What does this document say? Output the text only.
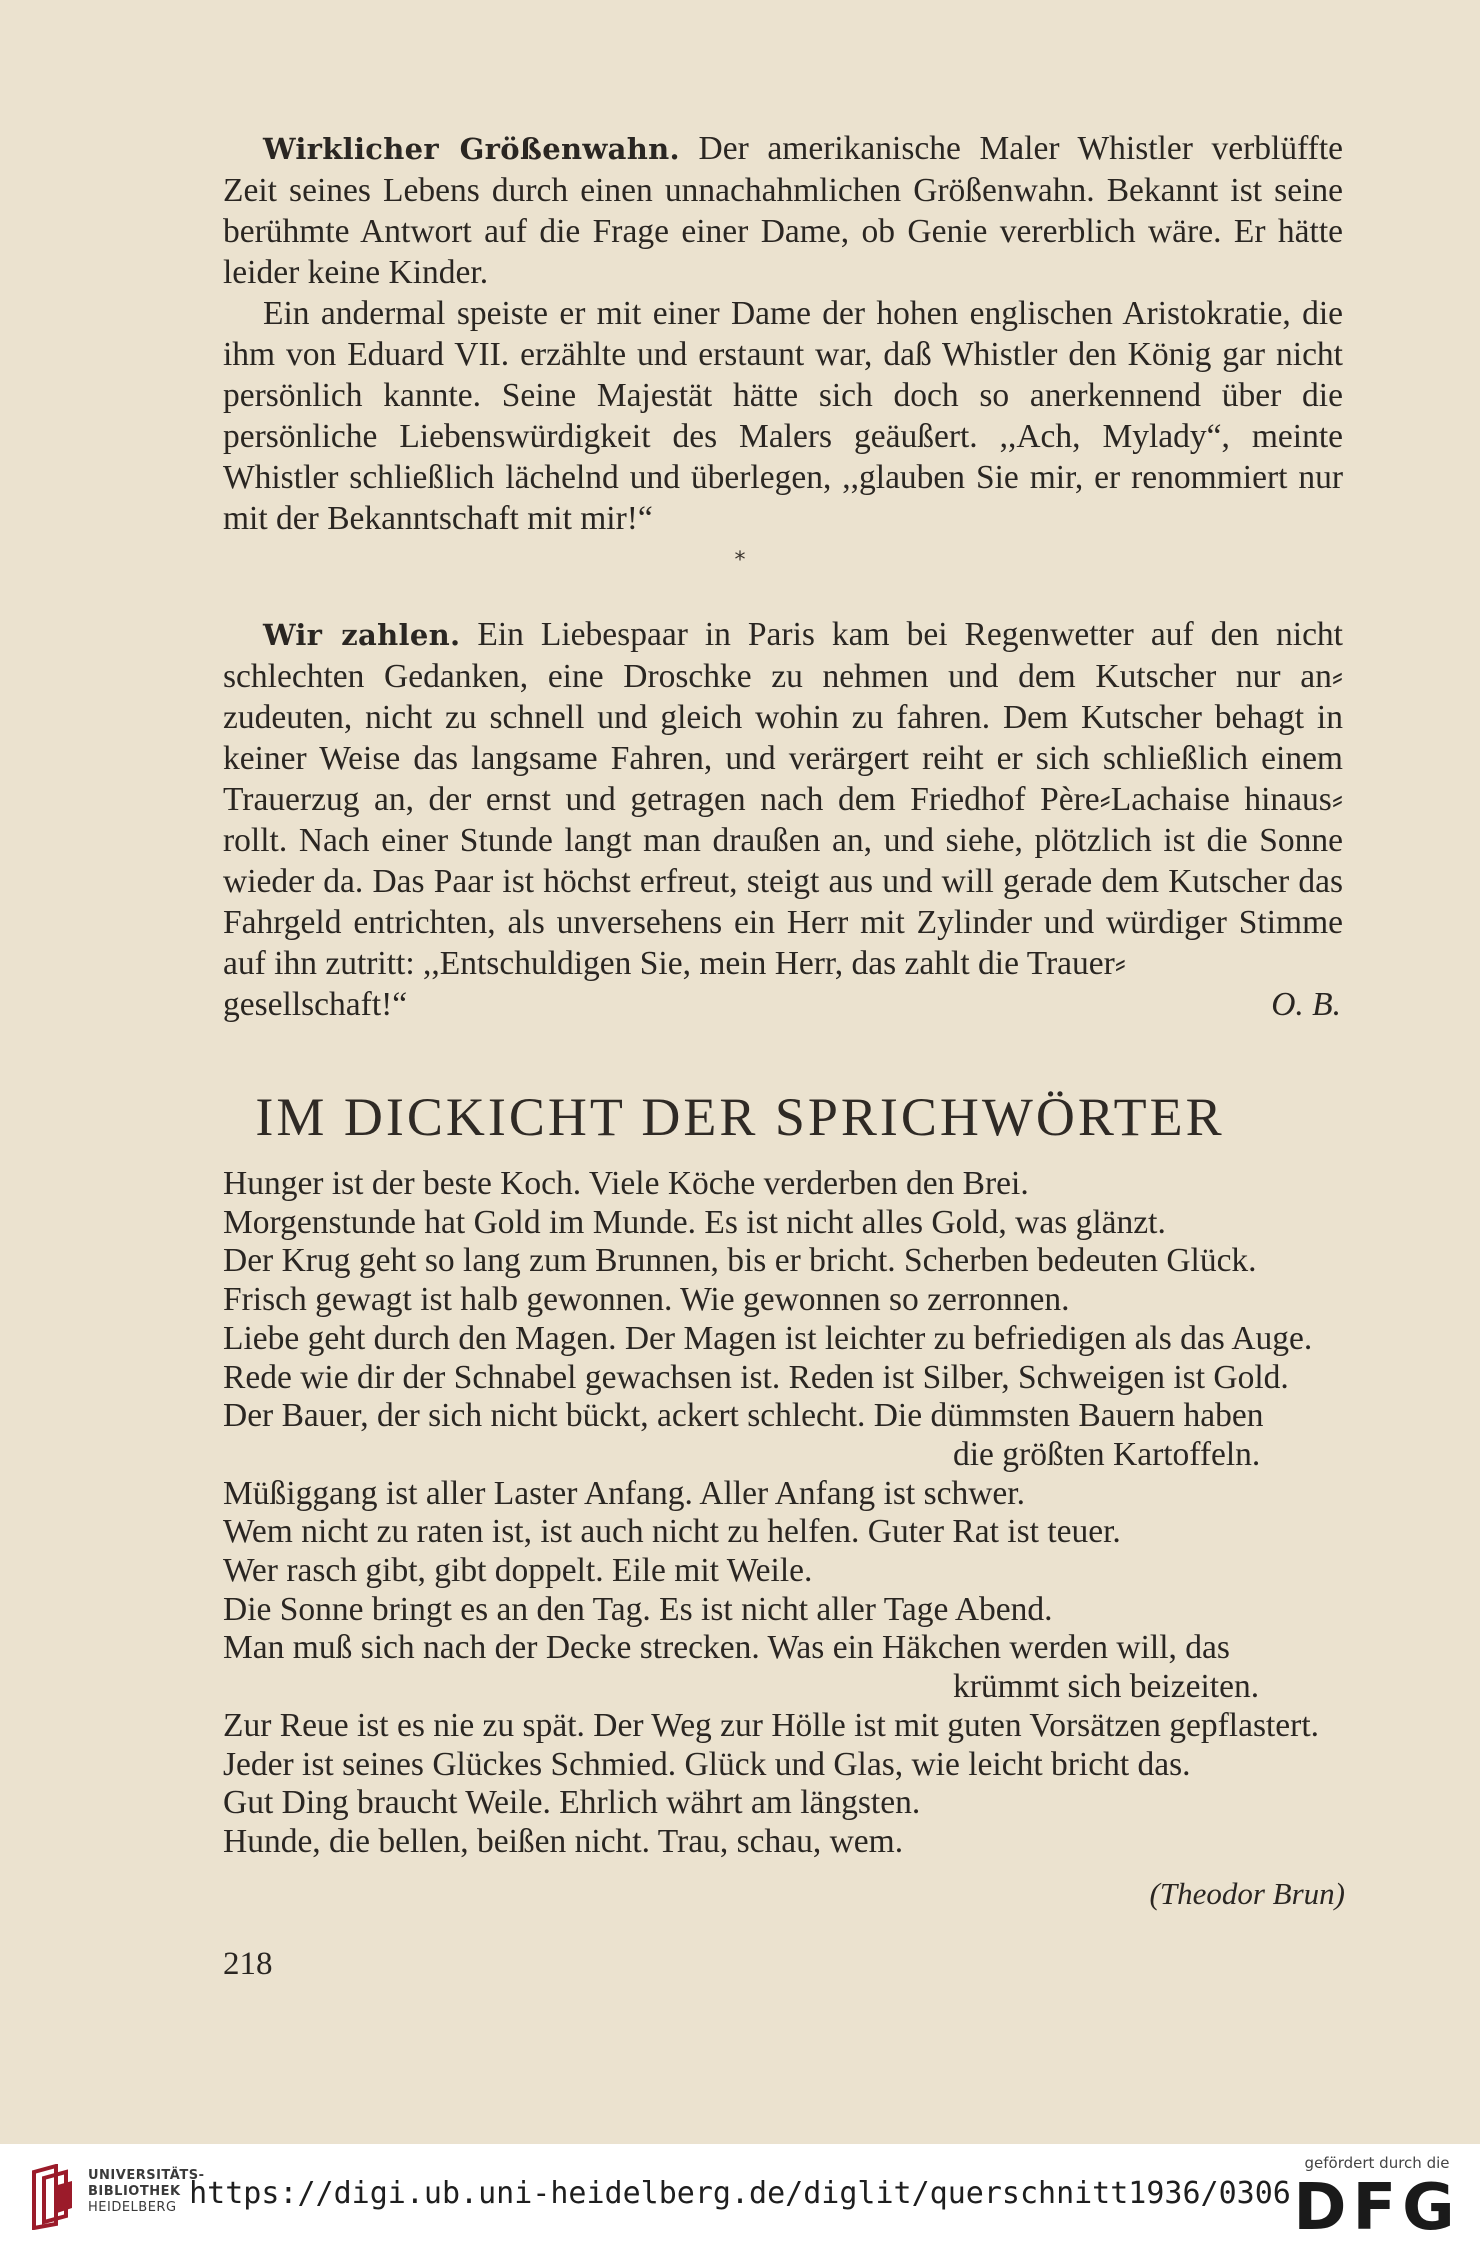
Wirklicher Größenwahn. Der amerikanische Maler Whistler verblüffte Zeit seines Lebens durch einen unnachahmlichen Größenwahn. Bekannt ist seine berühmte Antwort auf die Frage einer Dame, ob Genie vererblich wäre. Er hätte leider keine Kinder.

Ein andermal speiste er mit einer Dame der hohen englischen Aristokratie, die ihm von Eduard VII. erzählte und erstaunt war, daß Whistler den König gar nicht persönlich kannte. Seine Majestät hätte sich doch so anerkennend über die persönliche Liebenswürdigkeit des Malers geäußert. ,,Ach, Mylady“, meinte Whistler schließlich lächelnd und überlegen, ,,glauben Sie mir, er renommiert nur mit der Bekanntschaft mit mir!“

*

Wir zahlen. Ein Liebespaar in Paris kam bei Regenwetter auf den nicht schlechten Gedanken, eine Droschke zu nehmen und dem Kutscher nur an⸗zudeuten, nicht zu schnell und gleich wohin zu fahren. Dem Kutscher behagt in keiner Weise das langsame Fahren, und verärgert reiht er sich schließlich einem Trauerzug an, der ernst und getragen nach dem Friedhof Père⸗Lachaise hinaus⸗rollt. Nach einer Stunde langt man draußen an, und siehe, plötzlich ist die Sonne wieder da. Das Paar ist höchst erfreut, steigt aus und will gerade dem Kutscher das Fahrgeld entrichten, als unversehens ein Herr mit Zylinder und würdiger Stimme auf ihn zutritt: ,,Entschuldigen Sie, mein Herr, das zahlt die Trauer⸗

gesellschaft!“	O. B.
IM DICKICHT DER SPRICHWÖRTER
Hunger ist der beste Koch. Viele Köche verderben den Brei.
Morgenstunde hat Gold im Munde. Es ist nicht alles Gold, was glänzt.
Der Krug geht so lang zum Brunnen, bis er bricht. Scherben bedeuten Glück.
Frisch gewagt ist halb gewonnen. Wie gewonnen so zerronnen.
Liebe geht durch den Magen. Der Magen ist leichter zu befriedigen als das Auge.
Rede wie dir der Schnabel gewachsen ist. Reden ist Silber, Schweigen ist Gold.
Der Bauer, der sich nicht bückt, ackert schlecht. Die dümmsten Bauern haben
die größten Kartoffeln.
Müßiggang ist aller Laster Anfang. Aller Anfang ist schwer.
Wem nicht zu raten ist, ist auch nicht zu helfen. Guter Rat ist teuer.
Wer rasch gibt, gibt doppelt. Eile mit Weile.
Die Sonne bringt es an den Tag. Es ist nicht aller Tage Abend.
Man muß sich nach der Decke strecken. Was ein Häkchen werden will, das
krümmt sich beizeiten.
Zur Reue ist es nie zu spät. Der Weg zur Hölle ist mit guten Vorsätzen gepflastert.
Jeder ist seines Glückes Schmied. Glück und Glas, wie leicht bricht das.
Gut Ding braucht Weile. Ehrlich währt am längsten.
Hunde, die bellen, beißen nicht. Trau, schau, wem.
(Theodor Brun)
218
UNIVERSITÄTS-
BIBLIOTHEK
HEIDELBERG https://digi.ub.uni-heidelberg.de/diglit/querschnitt1936/0306
gefördert durch die
DFG
